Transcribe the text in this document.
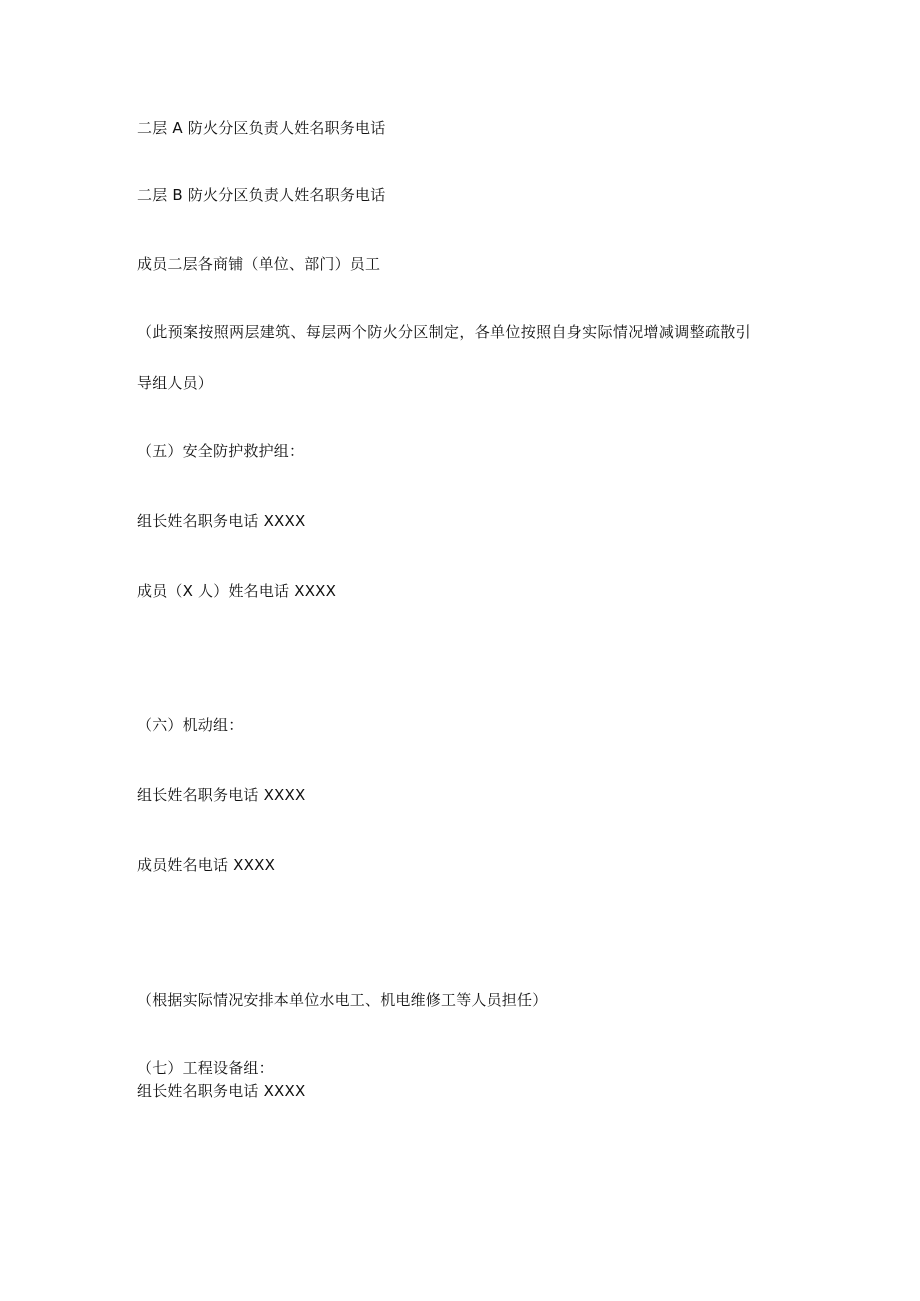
二层 A 防火分区负责人姓名职务电话
二层 B 防火分区负责人姓名职务电话
成员二层各商铺（单位、部门）员工
（此预案按照两层建筑、每层两个防火分区制定，各单位按照自身实际情况增减调整疏散引
导组人员）
（五）安全防护救护组：
组长姓名职务电话 XXXX
成员（X 人）姓名电话 XXXX
（六）机动组：
组长姓名职务电话 XXXX
成员姓名电话 XXXX
（根据实际情况安排本单位水电工、机电维修工等人员担任）
（七）工程设备组：
组长姓名职务电话 XXXX
